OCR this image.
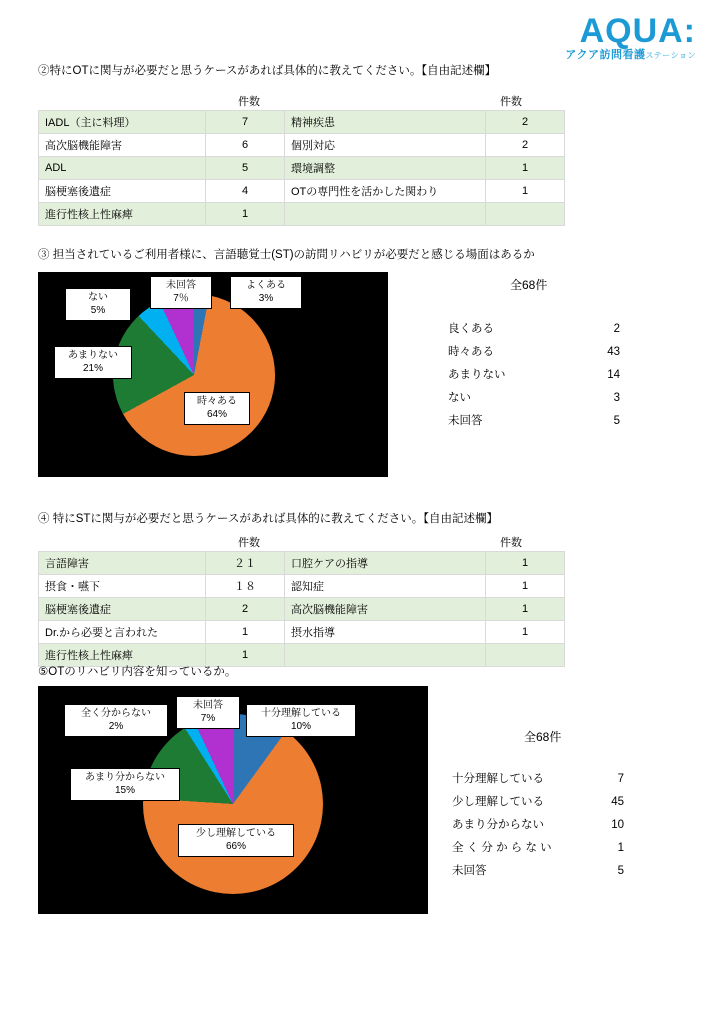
AQUA:
アクア訪問看護ステーション
②特にOTに関与が必要だと思うケースがあれば具体的に教えてください。【自由記述欄】
件数	件数
IADL（主に料理）	7	精神疾患	2
高次脳機能障害	6	個別対応	2
ADL	5	環境調整	1
脳梗塞後遺症	4	OTの専門性を活かした関わり	1
進行性核上性麻痺	1		
③ 担当されているご利用者様に、言語聴覚士(ST)の訪問リハビリが必要だと感じる場面はあるか
ない
5%
未回答
7％
よくある
3%
あまりない
21%
時々ある
64%
全68件
良くある	2
時々ある	43
あまりない	14
ない	3
未回答	5
④ 特にSTに関与が必要だと思うケースがあれば具体的に教えてください。【自由記述欄】
件数	件数
言語障害	２１	口腔ケアの指導	1
摂食・嚥下	１８	認知症	1
脳梗塞後遺症	2	高次脳機能障害	1
Dr.から必要と言われた	1	摂水指導	1
進行性核上性麻痺	1		
⑤OTのリハビリ内容を知っているか。
全く分からない
2%
未回答
7%	十分理解している
10%
あまり分からない
15%
少し理解している
66%
全68件
十分理解している	7
少し理解している	45
あまり分からない	10
全 く 分 か ら な い	1
未回答	5
